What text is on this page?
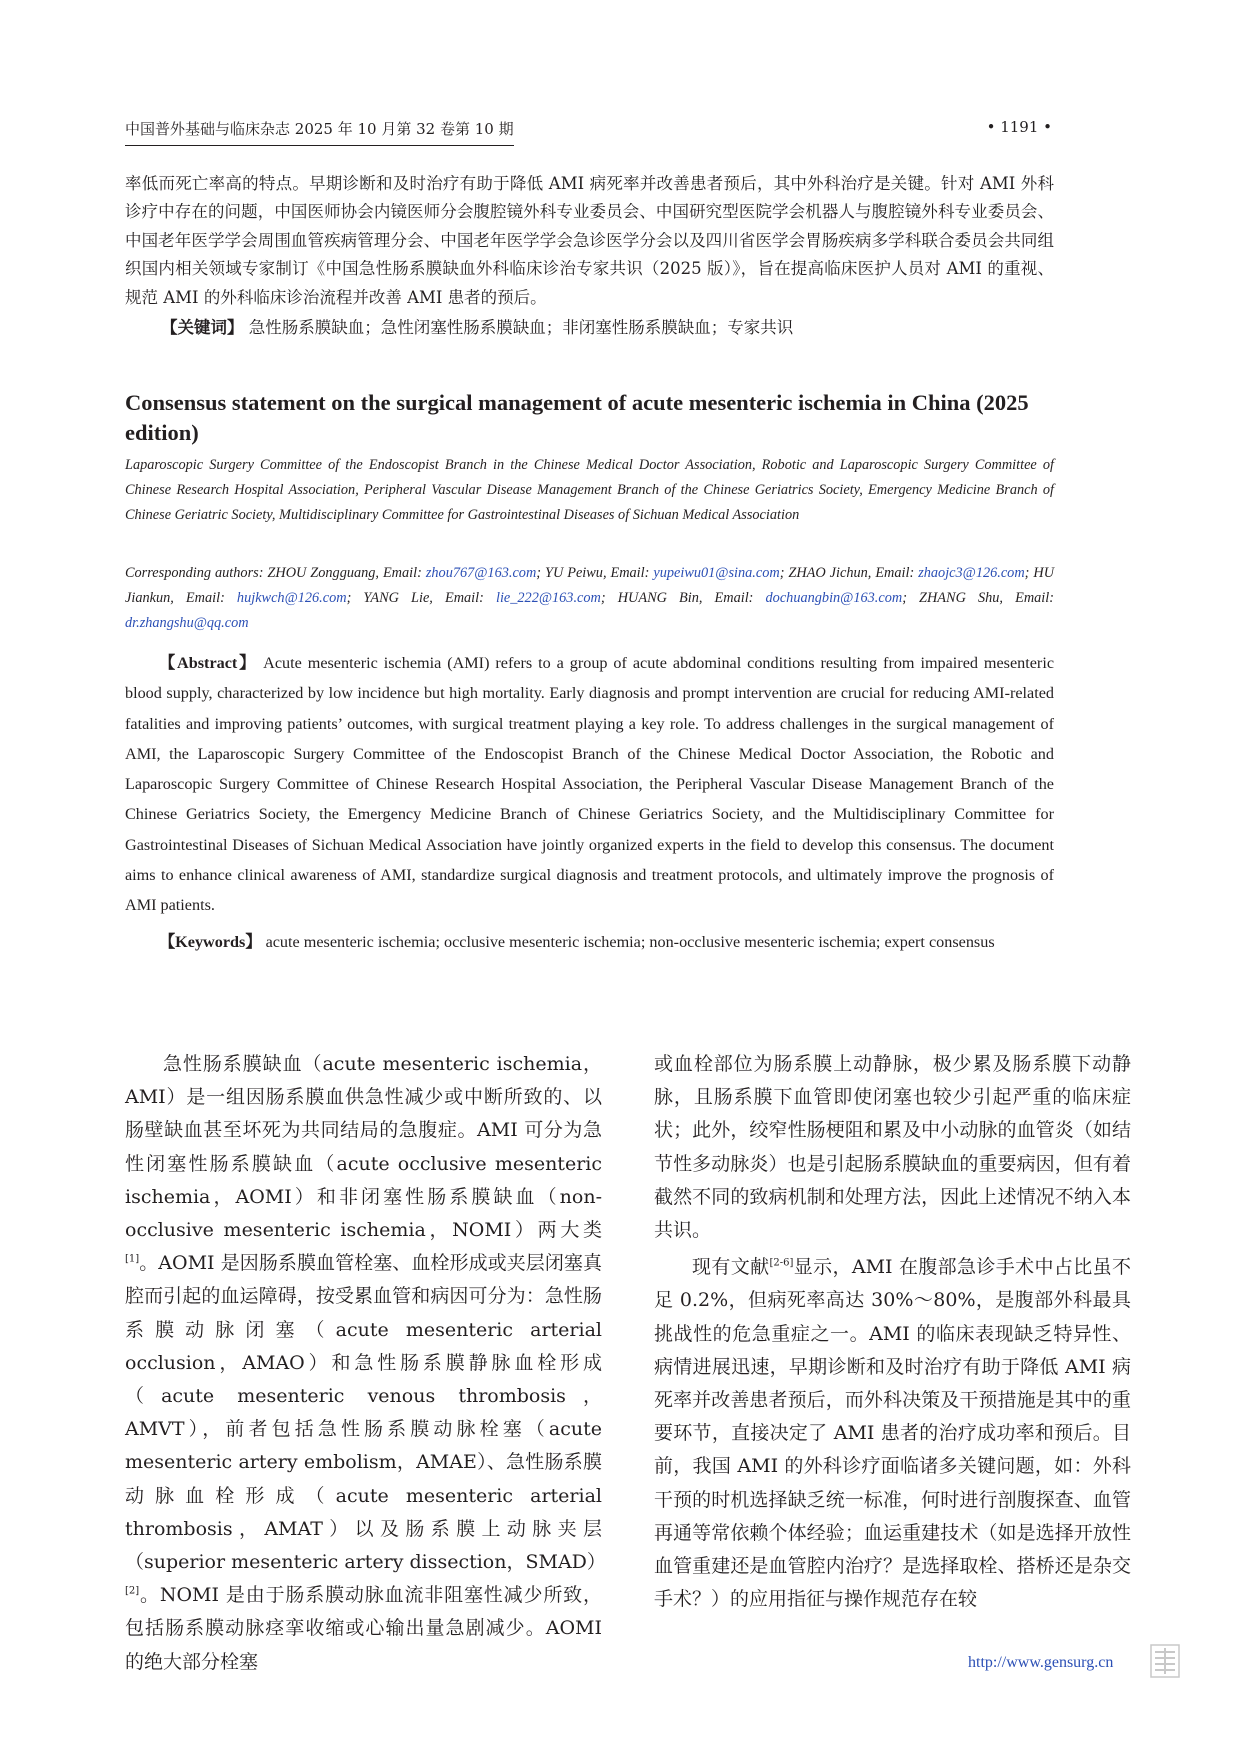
中国普外基础与临床杂志 2025 年 10 月第 32 卷第 10 期	• 1191 •

率低而死亡率高的特点。早期诊断和及时治疗有助于降低 AMI 病死率并改善患者预后，其中外科治疗是关键。针对 AMI 外科诊疗中存在的问题，中国医师协会内镜医师分会腹腔镜外科专业委员会、中国研究型医院学会机器人与腹腔镜外科专业委员会、中国老年医学学会周围血管疾病管理分会、中国老年医学学会急诊医学分会以及四川省医学会胃肠疾病多学科联合委员会共同组织国内相关领域专家制订《中国急性肠系膜缺血外科临床诊治专家共识（2025 版）》，旨在提高临床医护人员对 AMI 的重视、规范 AMI 的外科临床诊治流程并改善 AMI 患者的预后。

【关键词】 急性肠系膜缺血；急性闭塞性肠系膜缺血；非闭塞性肠系膜缺血；专家共识

Consensus statement on the surgical management of acute mesenteric ischemia in China (2025 edition)
Laparoscopic Surgery Committee of the Endoscopist Branch in the Chinese Medical Doctor Association, Robotic and Laparoscopic Surgery Committee of Chinese Research Hospital Association, Peripheral Vascular Disease Management Branch of the Chinese Geriatrics Society, Emergency Medicine Branch of Chinese Geriatric Society, Multidisciplinary Committee for Gastrointestinal Diseases of Sichuan Medical Association
Corresponding authors: ZHOU Zongguang, Email: zhou767@163.com; YU Peiwu, Email: yupeiwu01@sina.com; ZHAO Jichun, Email: zhaojc3@126.com; HU Jiankun, Email: hujkwch@126.com; YANG Lie, Email: lie_222@163.com; HUANG Bin, Email: dochuangbin@163.com; ZHANG Shu, Email: dr.zhangshu@qq.com

【Abstract】 Acute mesenteric ischemia (AMI) refers to a group of acute abdominal conditions resulting from impaired mesenteric blood supply, characterized by low incidence but high mortality. Early diagnosis and prompt intervention are crucial for reducing AMI-related fatalities and improving patients’ outcomes, with surgical treatment playing a key role. To address challenges in the surgical management of AMI, the Laparoscopic Surgery Committee of the Endoscopist Branch of the Chinese Medical Doctor Association, the Robotic and Laparoscopic Surgery Committee of Chinese Research Hospital Association, the Peripheral Vascular Disease Management Branch of the Chinese Geriatrics Society, the Emergency Medicine Branch of Chinese Geriatrics Society, and the Multidisciplinary Committee for Gastrointestinal Diseases of Sichuan Medical Association have jointly organized experts in the field to develop this consensus. The document aims to enhance clinical awareness of AMI, standardize surgical diagnosis and treatment protocols, and ultimately improve the prognosis of AMI patients.

【Keywords】 acute mesenteric ischemia; occlusive mesenteric ischemia; non-occlusive mesenteric ischemia; expert consensus

急性肠系膜缺血（acute mesenteric ischemia，AMI）是一组因肠系膜血供急性减少或中断所致的、以肠壁缺血甚至坏死为共同结局的急腹症。AMI 可分为急性闭塞性肠系膜缺血（acute occlusive mesenteric ischemia，AOMI）和非闭塞性肠系膜缺血（non-occlusive mesenteric ischemia，NOMI）两大类[1]。AOMI 是因肠系膜血管栓塞、血栓形成或夹层闭塞真腔而引起的血运障碍，按受累血管和病因可分为：急性肠系膜动脉闭塞（acute mesenteric arterial occlusion，AMAO）和急性肠系膜静脉血栓形成（acute mesenteric venous thrombosis，AMVT），前者包括急性肠系膜动脉栓塞（acute mesenteric artery embolism，AMAE）、急性肠系膜动脉血栓形成（acute mesenteric arterial thrombosis，AMAT）以及肠系膜上动脉夹层（superior mesenteric artery dissection，SMAD）[2]。NOMI 是由于肠系膜动脉血流非阻塞性减少所致，包括肠系膜动脉痉挛收缩或心输出量急剧减少。AOMI 的绝大部分栓塞

或血栓部位为肠系膜上动静脉，极少累及肠系膜下动静脉，且肠系膜下血管即使闭塞也较少引起严重的临床症状；此外，绞窄性肠梗阻和累及中小动脉的血管炎（如结节性多动脉炎）也是引起肠系膜缺血的重要病因，但有着截然不同的致病机制和处理方法，因此上述情况不纳入本共识。

现有文献[2-6]显示，AMI 在腹部急诊手术中占比虽不足 0.2%，但病死率高达 30%～80%，是腹部外科最具挑战性的危急重症之一。AMI 的临床表现缺乏特异性、病情进展迅速，早期诊断和及时治疗有助于降低 AMI 病死率并改善患者预后，而外科决策及干预措施是其中的重要环节，直接决定了 AMI 患者的治疗成功率和预后。目前，我国 AMI 的外科诊疗面临诸多关键问题，如：外科干预的时机选择缺乏统一标准，何时进行剖腹探查、血管再通等常依赖个体经验；血运重建技术（如是选择开放性血管重建还是血管腔内治疗？是选择取栓、搭桥还是杂交手术？）的应用指征与操作规范存在较

http://www.gensurg.cn
